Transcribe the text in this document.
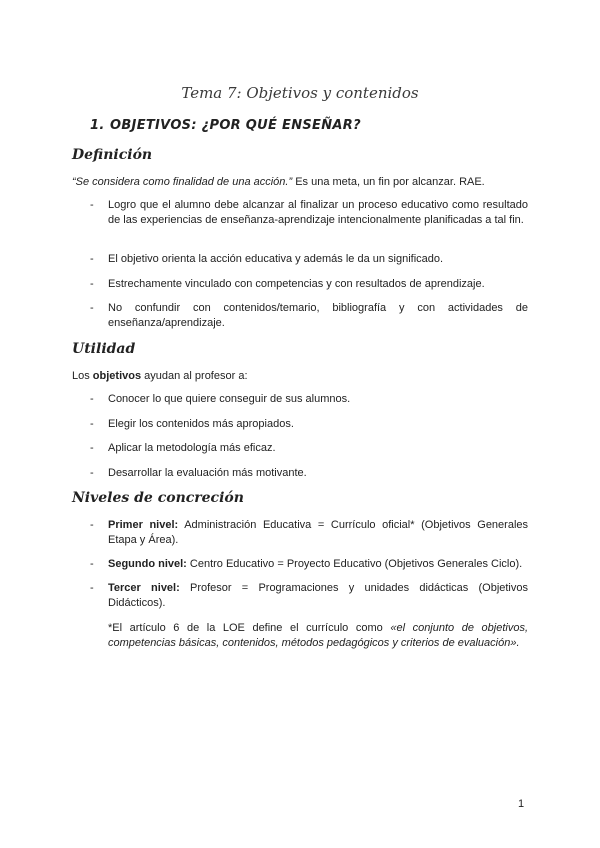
Tema 7: Objetivos y contenidos
1. OBJETIVOS: ¿POR QUÉ ENSEÑAR?
Definición
“Se considera como finalidad de una acción.” Es una meta, un fin por alcanzar. RAE.
- Logro que el alumno debe alcanzar al finalizar un proceso educativo como resultado de las experiencias de enseñanza-aprendizaje intencionalmente planificadas a tal fin.
- El objetivo orienta la acción educativa y además le da un significado.
- Estrechamente vinculado con competencias y con resultados de aprendizaje.
- No confundir con contenidos/temario, bibliografía y con actividades de enseñanza/aprendizaje.
Utilidad
Los objetivos ayudan al profesor a:
- Conocer lo que quiere conseguir de sus alumnos.
- Elegir los contenidos más apropiados.
- Aplicar la metodología más eficaz.
- Desarrollar la evaluación más motivante.
Niveles de concreción
- Primer nivel: Administración Educativa = Currículo oficial* (Objetivos Generales Etapa y Área).
- Segundo nivel: Centro Educativo = Proyecto Educativo (Objetivos Generales Ciclo).
- Tercer nivel: Profesor = Programaciones y unidades didácticas (Objetivos Didácticos).
*El artículo 6 de la LOE define el currículo como «el conjunto de objetivos, competencias básicas, contenidos, métodos pedagógicos y criterios de evaluación».
1
